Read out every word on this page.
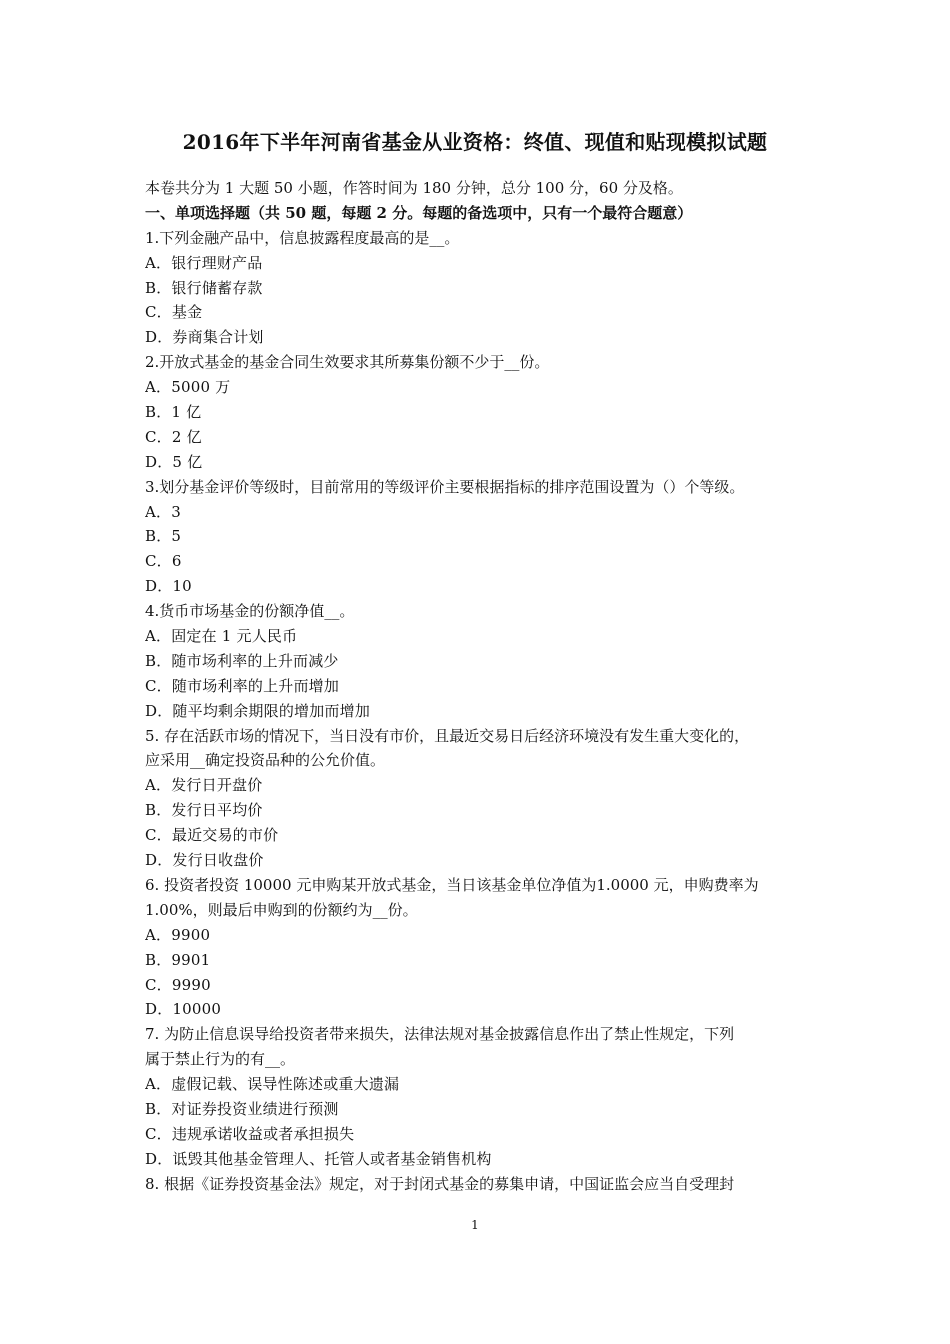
2016年下半年河南省基金从业资格：终值、现值和贴现模拟试题
本卷共分为 1 大题 50 小题，作答时间为 180 分钟，总分 100 分，60 分及格。
一、单项选择题（共 50 题，每题 2 分。每题的备选项中，只有一个最符合题意）
1.下列金融产品中，信息披露程度最高的是__。
A．银行理财产品
B．银行储蓄存款
C．基金
D．券商集合计划
2.开放式基金的基金合同生效要求其所募集份额不少于__份。
A．5000 万
B．1 亿
C．2 亿
D．5 亿
3.划分基金评价等级时，目前常用的等级评价主要根据指标的排序范围设置为（）个等级。
A．3
B．5
C．6
D．10
4.货币市场基金的份额净值__。
A．固定在 1 元人民币
B．随市场利率的上升而减少
C．随市场利率的上升而增加
D．随平均剩余期限的增加而增加
5. 存在活跃市场的情况下，当日没有市价，且最近交易日后经济环境没有发生重大变化的，
应采用__确定投资品种的公允价值。
A．发行日开盘价
B．发行日平均价
C．最近交易的市价
D．发行日收盘价
6. 投资者投资 10000 元申购某开放式基金，当日该基金单位净值为1.0000 元，申购费率为
1.00%，则最后申购到的份额约为__份。
A．9900
B．9901
C．9990
D．10000
7. 为防止信息误导给投资者带来损失，法律法规对基金披露信息作出了禁止性规定，下列
属于禁止行为的有__。
A．虚假记载、误导性陈述或重大遗漏
B．对证券投资业绩进行预测
C．违规承诺收益或者承担损失
D．诋毁其他基金管理人、托管人或者基金销售机构
8. 根据《证券投资基金法》规定，对于封闭式基金的募集申请，中国证监会应当自受理封
1
